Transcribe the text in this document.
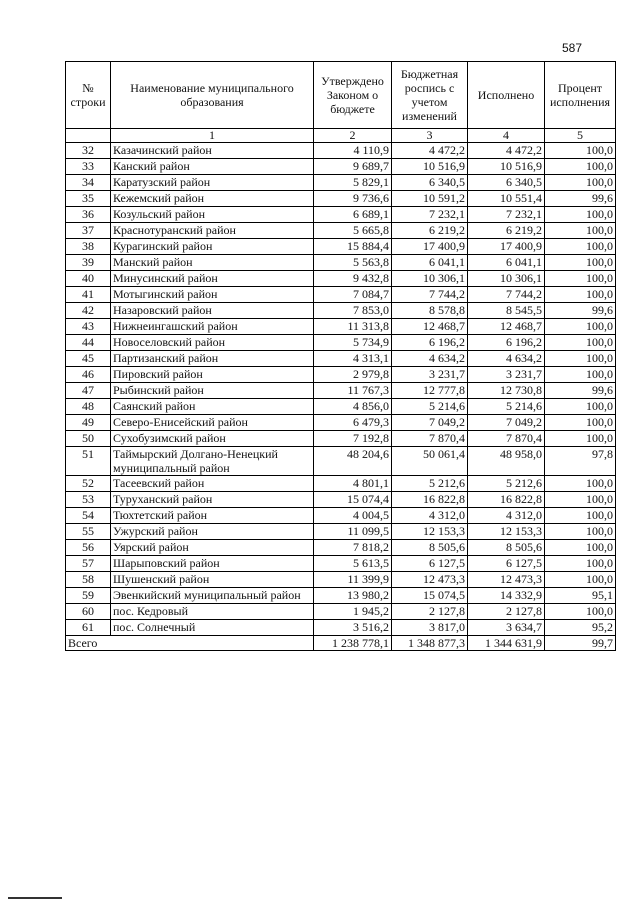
587
№ строки	Наименование муниципального образования	Утверждено Законом о бюджете	Бюджетная роспись с учетом изменений	Исполнено	Процент исполнения
	1	2	3	4	5
32	Казачинский район	4 110,9	4 472,2	4 472,2	100,0
33	Канский район	9 689,7	10 516,9	10 516,9	100,0
34	Каратузский район	5 829,1	6 340,5	6 340,5	100,0
35	Кежемский район	9 736,6	10 591,2	10 551,4	99,6
36	Козульский район	6 689,1	7 232,1	7 232,1	100,0
37	Краснотуранский район	5 665,8	6 219,2	6 219,2	100,0
38	Курагинский район	15 884,4	17 400,9	17 400,9	100,0
39	Манский район	5 563,8	6 041,1	6 041,1	100,0
40	Минусинский район	9 432,8	10 306,1	10 306,1	100,0
41	Мотыгинский район	7 084,7	7 744,2	7 744,2	100,0
42	Назаровский район	7 853,0	8 578,8	8 545,5	99,6
43	Нижнеингашский район	11 313,8	12 468,7	12 468,7	100,0
44	Новоселовский район	5 734,9	6 196,2	6 196,2	100,0
45	Партизанский район	4 313,1	4 634,2	4 634,2	100,0
46	Пировский район	2 979,8	3 231,7	3 231,7	100,0
47	Рыбинский район	11 767,3	12 777,8	12 730,8	99,6
48	Саянский район	4 856,0	5 214,6	5 214,6	100,0
49	Северо-Енисейский район	6 479,3	7 049,2	7 049,2	100,0
50	Сухобузимский район	7 192,8	7 870,4	7 870,4	100,0
51	Таймырский Долгано-Ненецкий муниципальный район	48 204,6	50 061,4	48 958,0	97,8
52	Тасеевский район	4 801,1	5 212,6	5 212,6	100,0
53	Туруханский район	15 074,4	16 822,8	16 822,8	100,0
54	Тюхтетский район	4 004,5	4 312,0	4 312,0	100,0
55	Ужурский район	11 099,5	12 153,3	12 153,3	100,0
56	Уярский район	7 818,2	8 505,6	8 505,6	100,0
57	Шарыповский район	5 613,5	6 127,5	6 127,5	100,0
58	Шушенский район	11 399,9	12 473,3	12 473,3	100,0
59	Эвенкийский муниципальный район	13 980,2	15 074,5	14 332,9	95,1
60	пос. Кедровый	1 945,2	2 127,8	2 127,8	100,0
61	пос. Солнечный	3 516,2	3 817,0	3 634,7	95,2
Всего		1 238 778,1	1 348 877,3	1 344 631,9	99,7
